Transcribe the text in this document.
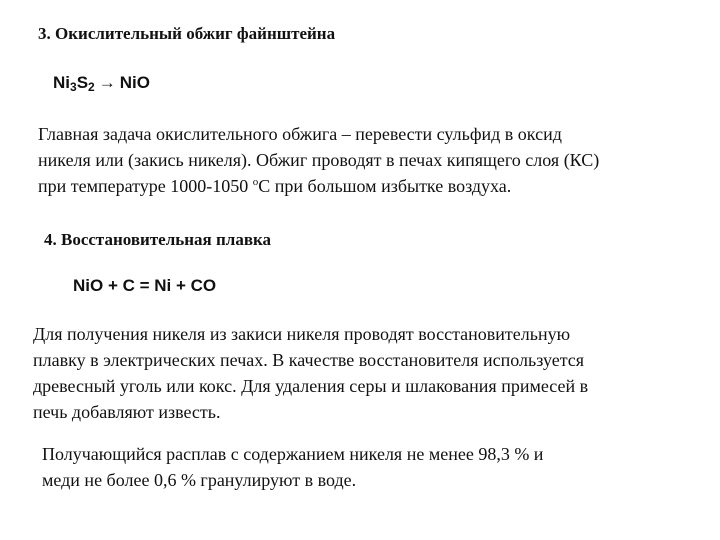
3. Окислительный обжиг файнштейна
$Ni_3S_2$ → NiO
Главная задача окислительного обжига – перевести сульфид в оксид
никеля или (закись никеля). Обжиг проводят в печах кипящего слоя (КС)
при температуре 1000-1050 $^о$С при большом избытке воздуха.
4. Восстановительная плавка
NiO + C = Ni + CO
Для получения никеля из закиси никеля проводят восстановительную
плавку в электрических печах. В качестве восстановителя используется
древесный уголь или кокс. Для удаления серы и шлакования примесей в
печь добавляют известь.
Получающийся расплав с содержанием никеля не менее 98,3 % и
меди не более 0,6 % гранулируют в воде.
